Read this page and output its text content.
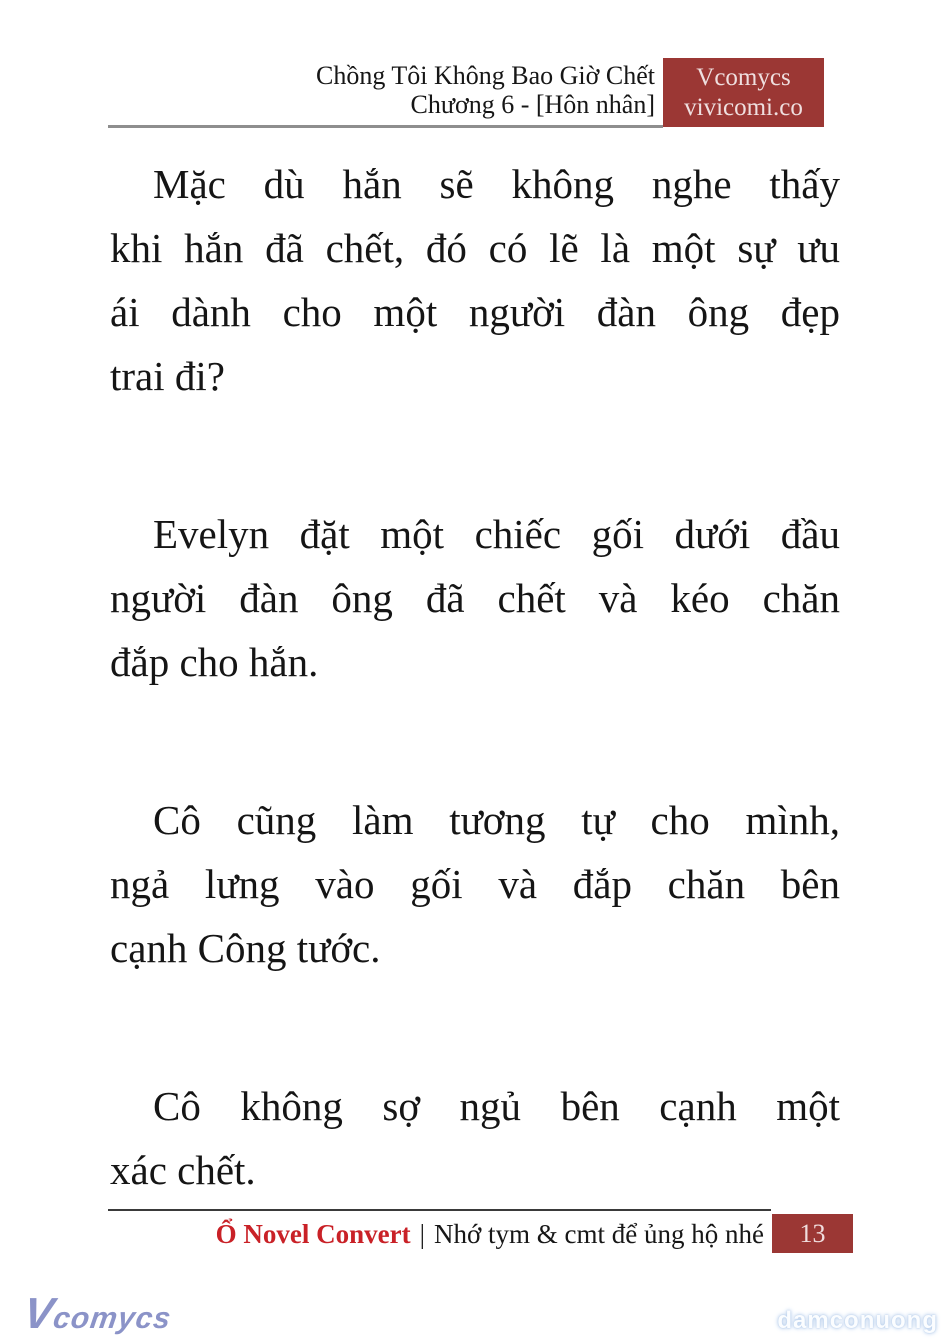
Chồng Tôi Không Bao Giờ Chết
Chương 6 - [Hôn nhân]
Vcomycs
vivicomi.co
Mặc dù hắn sẽ không nghe thấy
khi hắn đã chết, đó có lẽ là một sự ưu
ái dành cho một người đàn ông đẹp
trai đi?
Evelyn đặt một chiếc gối dưới đầu
người đàn ông đã chết và kéo chăn
đắp cho hắn.
Cô cũng làm tương tự cho mình,
ngả lưng vào gối và đắp chăn bên
cạnh Công tước.
Cô không sợ ngủ bên cạnh một
xác chết.
Ổ Novel Convert | Nhớ tym & cmt để ủng hộ nhé 13
Vcomycs	damconuong
